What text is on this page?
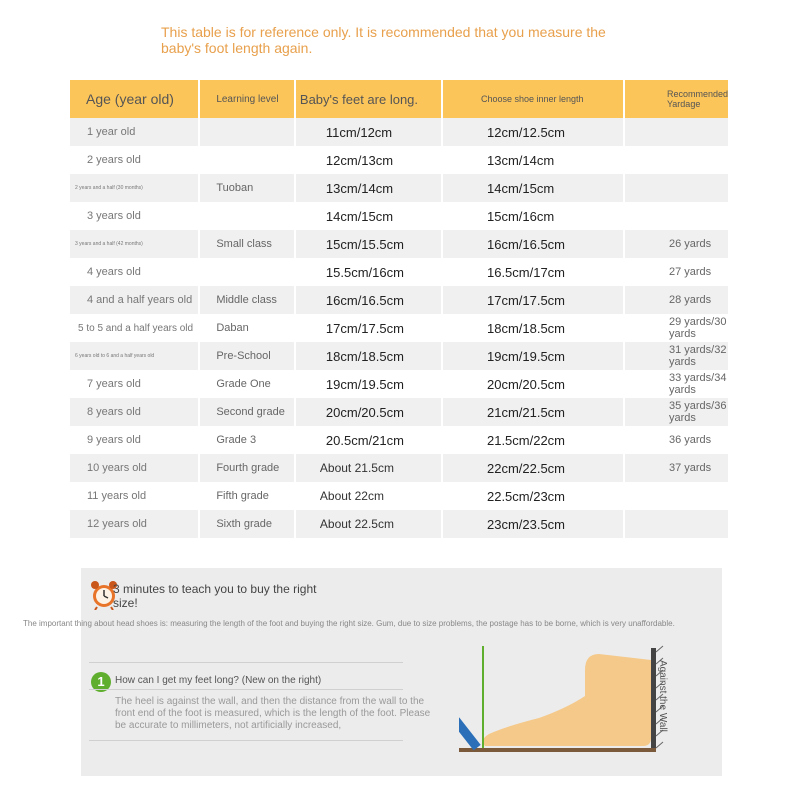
This table is for reference only. It is recommended that you measure the baby's foot length again.
Age (year old)	Learning level	Baby's feet are long.	Choose shoe inner length	Recommended Yardage
1 year old		11cm/12cm	12cm/12.5cm	
2 years old		12cm/13cm	13cm/14cm	
2 years and a half (30 months)	Tuoban	13cm/14cm	14cm/15cm	
3 years old		14cm/15cm	15cm/16cm	
3 years and a half (42 months)	Small class	15cm/15.5cm	16cm/16.5cm	26 yards
4 years old		15.5cm/16cm	16.5cm/17cm	27 yards
4 and a half years old	Middle class	16cm/16.5cm	17cm/17.5cm	28 yards
5 to 5 and a half years old	Daban	17cm/17.5cm	18cm/18.5cm	29 yards/30 yards
6 years old to 6 and a half years old	Pre-School	18cm/18.5cm	19cm/19.5cm	31 yards/32 yards
7 years old	Grade One	19cm/19.5cm	20cm/20.5cm	33 yards/34 yards
8 years old	Second grade	20cm/20.5cm	21cm/21.5cm	35 yards/36 yards
9 years old	Grade 3	20.5cm/21cm	21.5cm/22cm	36 yards
10 years old	Fourth grade	About 21.5cm	22cm/22.5cm	37 yards
11 years old	Fifth grade	About 22cm	22.5cm/23cm	
12 years old	Sixth grade	About 22.5cm	23cm/23.5cm	
3 minutes to teach you to buy the right size!
The important thing about head shoes is: measuring the length of the foot and buying the right size. Gum, due to size problems, the postage has to be borne, which is very unaffordable.
1	How can I get my feet long? (New on the right)
The heel is against the wall, and then the distance from the wall to the front end of the foot is measured, which is the length of the foot. Please be accurate to millimeters, not artificially increased,	Against the Wall
